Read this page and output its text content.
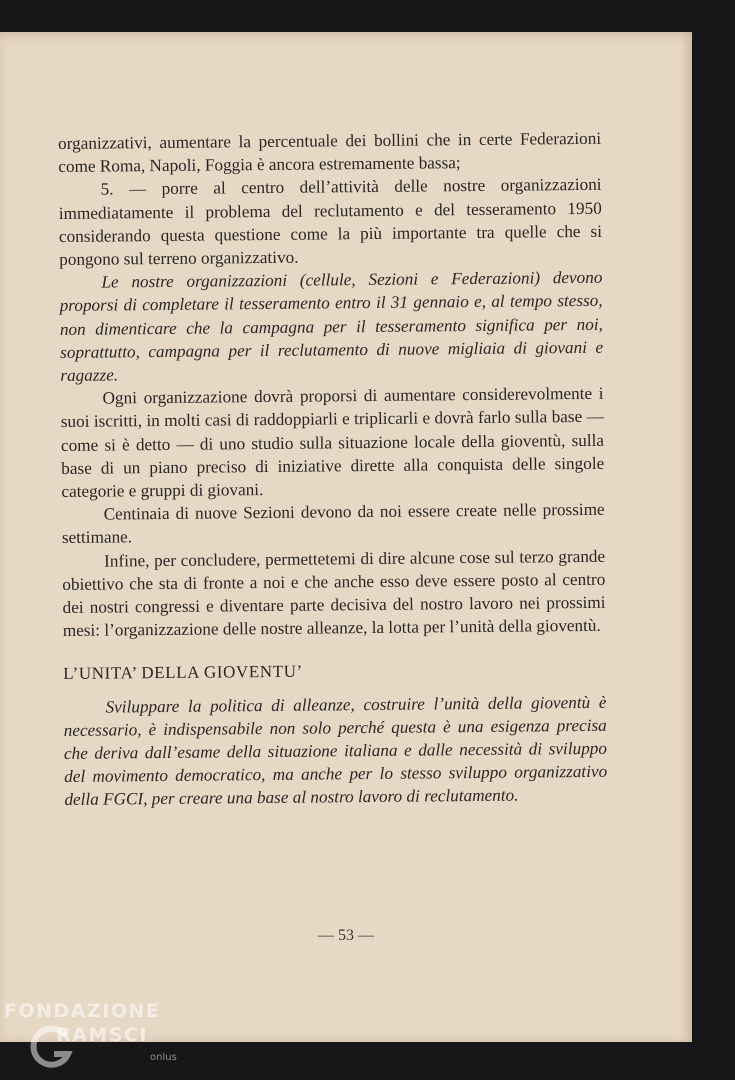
organizzativi, aumentare la percentuale dei bollini che in certe Federazioni come Roma, Napoli, Foggia è ancora estremamente bassa;

5. — porre al centro dell’attività delle nostre organizzazioni immediatamente il problema del reclutamento e del tesseramento 1950 considerando questa questione come la più importante tra quelle che si pongono sul terreno organizzativo.

Le nostre organizzazioni (cellule, Sezioni e Federazioni) devono proporsi di completare il tesseramento entro il 31 gennaio e, al tempo stesso, non dimenticare che la campagna per il tesseramento significa per noi, soprattutto, campagna per il reclutamento di nuove migliaia di giovani e ragazze.

Ogni organizzazione dovrà proporsi di aumentare considerevolmente i suoi iscritti, in molti casi di raddoppiarli e triplicarli e dovrà farlo sulla base — come si è detto — di uno studio sulla situazione locale della gioventù, sulla base di un piano preciso di iniziative dirette alla conquista delle singole categorie e gruppi di giovani.

Centinaia di nuove Sezioni devono da noi essere create nelle prossime settimane.

Infine, per concludere, permettetemi di dire alcune cose sul terzo grande obiettivo che sta di fronte a noi e che anche esso deve essere posto al centro dei nostri congressi e diventare parte decisiva del nostro lavoro nei prossimi mesi: l’organizzazione delle nostre alleanze, la lotta per l’unità della gioventù.

L’UNITA’ DELLA GIOVENTU’

Sviluppare la politica di alleanze, costruire l’unità della gioventù è necessario, è indispensabile non solo perché questa è una esigenza precisa che deriva dall’esame della situazione italiana e dalle necessità di sviluppo del movimento democratico, ma anche per lo stesso sviluppo organizzativo della FGCI, per creare una base al nostro lavoro di reclutamento.

— 53 —
FONDAZIONE
RAMSCI
onlus
